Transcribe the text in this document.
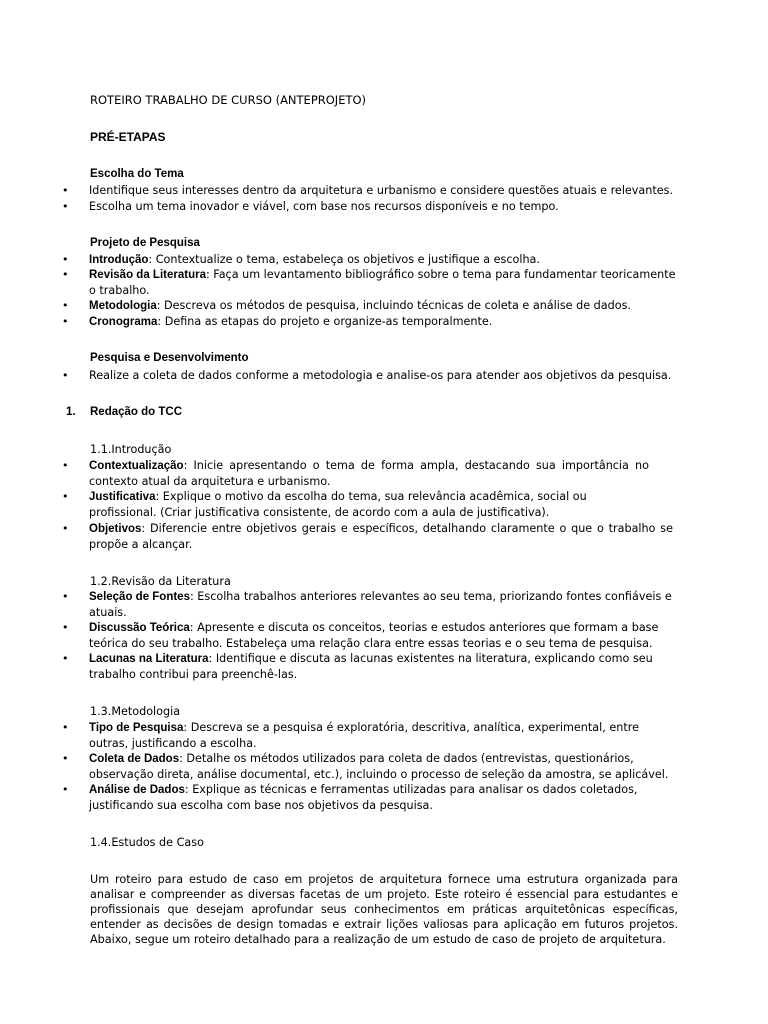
ROTEIRO TRABALHO DE CURSO (ANTEPROJETO)
PRÉ-ETAPAS
Escolha do Tema
• Identifique seus interesses dentro da arquitetura e urbanismo e considere questões atuais e relevantes.
• Escolha um tema inovador e viável, com base nos recursos disponíveis e no tempo.
Projeto de Pesquisa
• Introdução: Contextualize o tema, estabeleça os objetivos e justifique a escolha.
• Revisão da Literatura: Faça um levantamento bibliográfico sobre o tema para fundamentar teoricamente o trabalho.
• Metodologia: Descreva os métodos de pesquisa, incluindo técnicas de coleta e análise de dados.
• Cronograma: Defina as etapas do projeto e organize-as temporalmente.
Pesquisa e Desenvolvimento
• Realize a coleta de dados conforme a metodologia e analise-os para atender aos objetivos da pesquisa.
1. Redação do TCC
1.1.Introdução
• Contextualização: Inicie apresentando o tema de forma ampla, destacando sua importância no contexto atual da arquitetura e urbanismo.
• Justificativa: Explique o motivo da escolha do tema, sua relevância acadêmica, social ou profissional. (Criar justificativa consistente, de acordo com a aula de justificativa).
• Objetivos: Diferencie entre objetivos gerais e específicos, detalhando claramente o que o trabalho se propõe a alcançar.
1.2.Revisão da Literatura
• Seleção de Fontes: Escolha trabalhos anteriores relevantes ao seu tema, priorizando fontes confiáveis e atuais.
• Discussão Teórica: Apresente e discuta os conceitos, teorias e estudos anteriores que formam a base teórica do seu trabalho. Estabeleça uma relação clara entre essas teorias e o seu tema de pesquisa.
• Lacunas na Literatura: Identifique e discuta as lacunas existentes na literatura, explicando como seu trabalho contribui para preenchê-las.
1.3.Metodologia
• Tipo de Pesquisa: Descreva se a pesquisa é exploratória, descritiva, analítica, experimental, entre outras, justificando a escolha.
• Coleta de Dados: Detalhe os métodos utilizados para coleta de dados (entrevistas, questionários, observação direta, análise documental, etc.), incluindo o processo de seleção da amostra, se aplicável.
• Análise de Dados: Explique as técnicas e ferramentas utilizadas para analisar os dados coletados, justificando sua escolha com base nos objetivos da pesquisa.
1.4.Estudos de Caso
Um roteiro para estudo de caso em projetos de arquitetura fornece uma estrutura organizada para analisar e compreender as diversas facetas de um projeto. Este roteiro é essencial para estudantes e profissionais que desejam aprofundar seus conhecimentos em práticas arquitetônicas específicas, entender as decisões de design tomadas e extrair lições valiosas para aplicação em futuros projetos. Abaixo, segue um roteiro detalhado para a realização de um estudo de caso de projeto de arquitetura.
